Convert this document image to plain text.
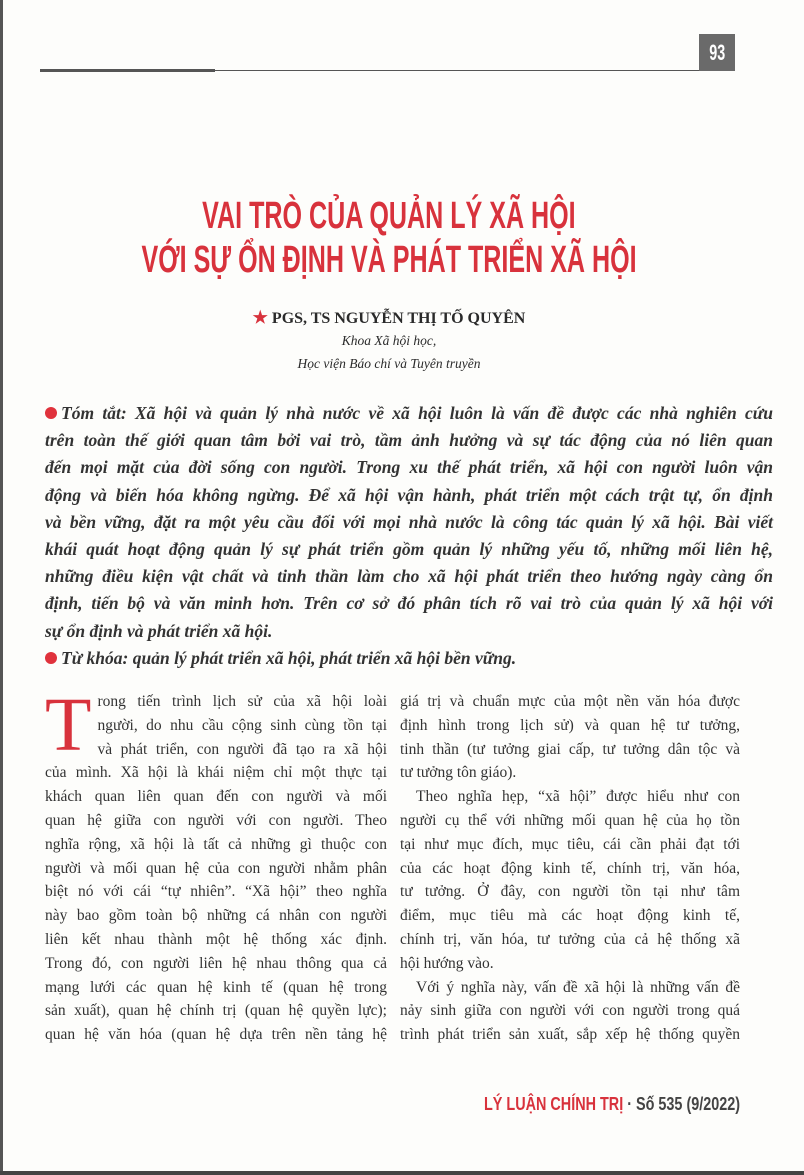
93
VAI TRÒ CỦA QUẢN LÝ XÃ HỘI
VỚI SỰ ỔN ĐỊNH VÀ PHÁT TRIỂN XÃ HỘI
★ PGS, TS NGUYỄN THỊ TỐ QUYÊN
Khoa Xã hội học,
Học viện Báo chí và Tuyên truyền
Tóm tắt: Xã hội và quản lý nhà nước về xã hội luôn là vấn đề được các nhà nghiên cứu
trên toàn thế giới quan tâm bởi vai trò, tầm ảnh hưởng và sự tác động của nó liên quan
đến mọi mặt của đời sống con người. Trong xu thế phát triển, xã hội con người luôn vận
động và biến hóa không ngừng. Để xã hội vận hành, phát triển một cách trật tự, ổn định
và bền vững, đặt ra một yêu cầu đối với mọi nhà nước là công tác quản lý xã hội. Bài viết
khái quát hoạt động quản lý sự phát triển gồm quản lý những yếu tố, những mối liên hệ,
những điều kiện vật chất và tinh thần làm cho xã hội phát triển theo hướng ngày càng ổn
định, tiến bộ và văn minh hơn. Trên cơ sở đó phân tích rõ vai trò của quản lý xã hội với
sự ổn định và phát triển xã hội.
Từ khóa: quản lý phát triển xã hội, phát triển xã hội bền vững.
T rong tiến trình lịch sử của xã hội loài
người, do nhu cầu cộng sinh cùng tồn tại
và phát triển, con người đã tạo ra xã hội
của mình. Xã hội là khái niệm chỉ một thực tại
khách quan liên quan đến con người và mối
quan hệ giữa con người với con người. Theo
nghĩa rộng, xã hội là tất cả những gì thuộc con
người và mối quan hệ của con người nhằm phân
biệt nó với cái “tự nhiên”. “Xã hội” theo nghĩa
này bao gồm toàn bộ những cá nhân con người
liên kết nhau thành một hệ thống xác định.
Trong đó, con người liên hệ nhau thông qua cả
mạng lưới các quan hệ kinh tế (quan hệ trong
sản xuất), quan hệ chính trị (quan hệ quyền lực);
quan hệ văn hóa (quan hệ dựa trên nền tảng hệ
giá trị và chuẩn mực của một nền văn hóa được
định hình trong lịch sử) và quan hệ tư tưởng,
tinh thần (tư tưởng giai cấp, tư tưởng dân tộc và
tư tưởng tôn giáo).
Theo nghĩa hẹp, “xã hội” được hiểu như con
người cụ thể với những mối quan hệ của họ tồn
tại như mục đích, mục tiêu, cái cần phải đạt tới
của các hoạt động kinh tế, chính trị, văn hóa,
tư tưởng. Ở đây, con người tồn tại như tâm
điểm, mục tiêu mà các hoạt động kinh tế,
chính trị, văn hóa, tư tưởng của cả hệ thống xã
hội hướng vào.
Với ý nghĩa này, vấn đề xã hội là những vấn đề
nảy sinh giữa con người với con người trong quá
trình phát triển sản xuất, sắp xếp hệ thống quyền
LÝ LUẬN CHÍNH TRỊ · Số 535 (9/2022)
